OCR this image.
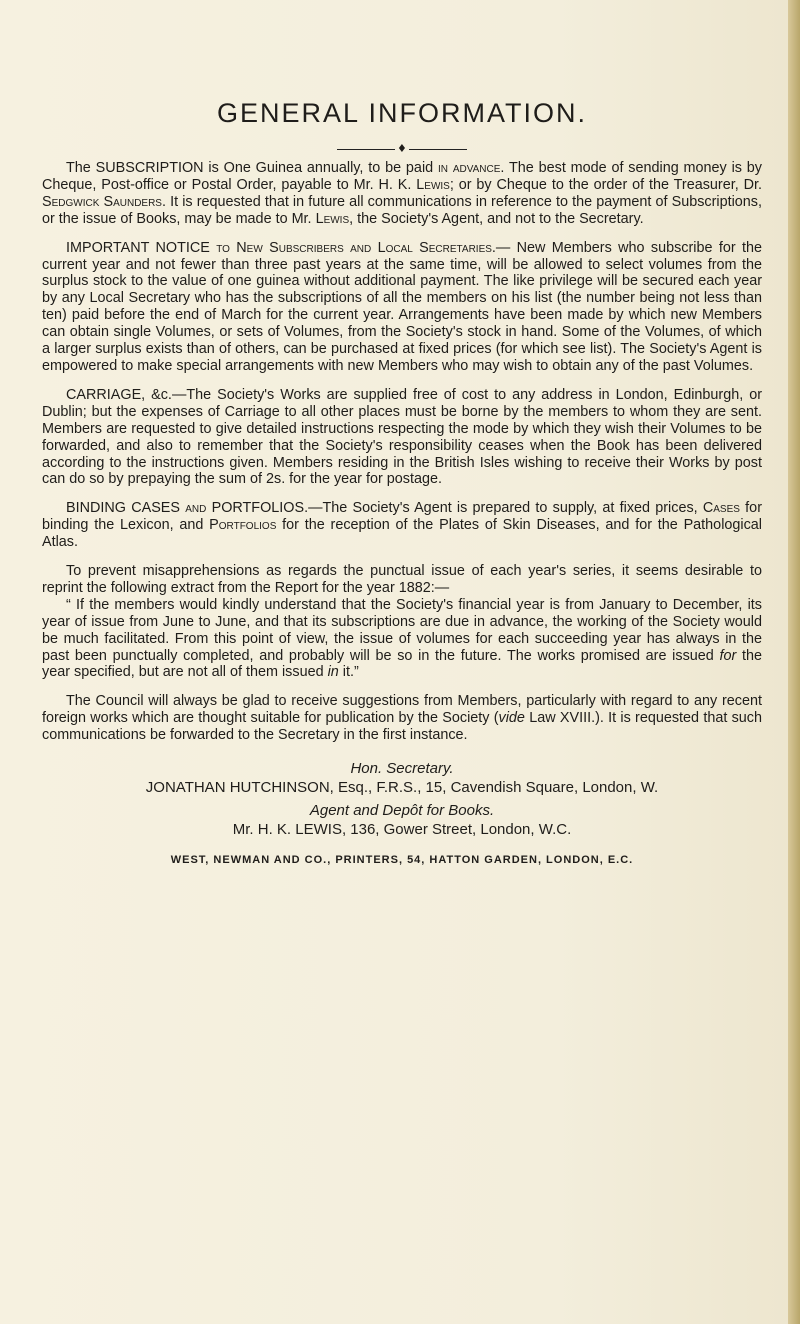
GENERAL INFORMATION.
♦

The SUBSCRIPTION is One Guinea annually, to be paid in advance. The best mode of sending money is by Cheque, Post-office or Postal Order, payable to Mr. H. K. Lewis; or by Cheque to the order of the Treasurer, Dr. Sedgwick Saunders. It is requested that in future all communications in reference to the payment of Subscriptions, or the issue of Books, may be made to Mr. Lewis, the Society's Agent, and not to the Secretary.

IMPORTANT NOTICE to New Subscribers and Local Secretaries.— New Members who subscribe for the current year and not fewer than three past years at the same time, will be allowed to select volumes from the surplus stock to the value of one guinea without additional payment. The like privilege will be secured each year by any Local Secretary who has the subscriptions of all the members on his list (the number being not less than ten) paid before the end of March for the current year. Arrangements have been made by which new Members can obtain single Volumes, or sets of Volumes, from the Society's stock in hand. Some of the Volumes, of which a larger surplus exists than of others, can be purchased at fixed prices (for which see list). The Society's Agent is empowered to make special arrangements with new Members who may wish to obtain any of the past Volumes.

CARRIAGE, &c.—The Society's Works are supplied free of cost to any address in London, Edinburgh, or Dublin; but the expenses of Carriage to all other places must be borne by the members to whom they are sent. Members are requested to give detailed instructions respecting the mode by which they wish their Volumes to be forwarded, and also to remember that the Society's responsibility ceases when the Book has been delivered according to the instructions given. Members residing in the British Isles wishing to receive their Works by post can do so by prepaying the sum of 2s. for the year for postage.

BINDING CASES and PORTFOLIOS.—The Society's Agent is prepared to supply, at fixed prices, Cases for binding the Lexicon, and Portfolios for the reception of the Plates of Skin Diseases, and for the Pathological Atlas.

To prevent misapprehensions as regards the punctual issue of each year's series, it seems desirable to reprint the following extract from the Report for the year 1882:—

“ If the members would kindly understand that the Society's financial year is from January to December, its year of issue from June to June, and that its subscriptions are due in advance, the working of the Society would be much facilitated. From this point of view, the issue of volumes for each succeeding year has always in the past been punctually completed, and probably will be so in the future. The works promised are issued for the year specified, but are not all of them issued in it.”

The Council will always be glad to receive suggestions from Members, particularly with regard to any recent foreign works which are thought suitable for publication by the Society (vide Law XVIII.). It is requested that such communications be forwarded to the Secretary in the first instance.

Hon. Secretary.

JONATHAN HUTCHINSON, Esq., F.R.S., 15, Cavendish Square, London, W.

Agent and Depôt for Books.

Mr. H. K. LEWIS, 136, Gower Street, London, W.C.

WEST, NEWMAN AND CO., PRINTERS, 54, HATTON GARDEN, LONDON, E.C.
